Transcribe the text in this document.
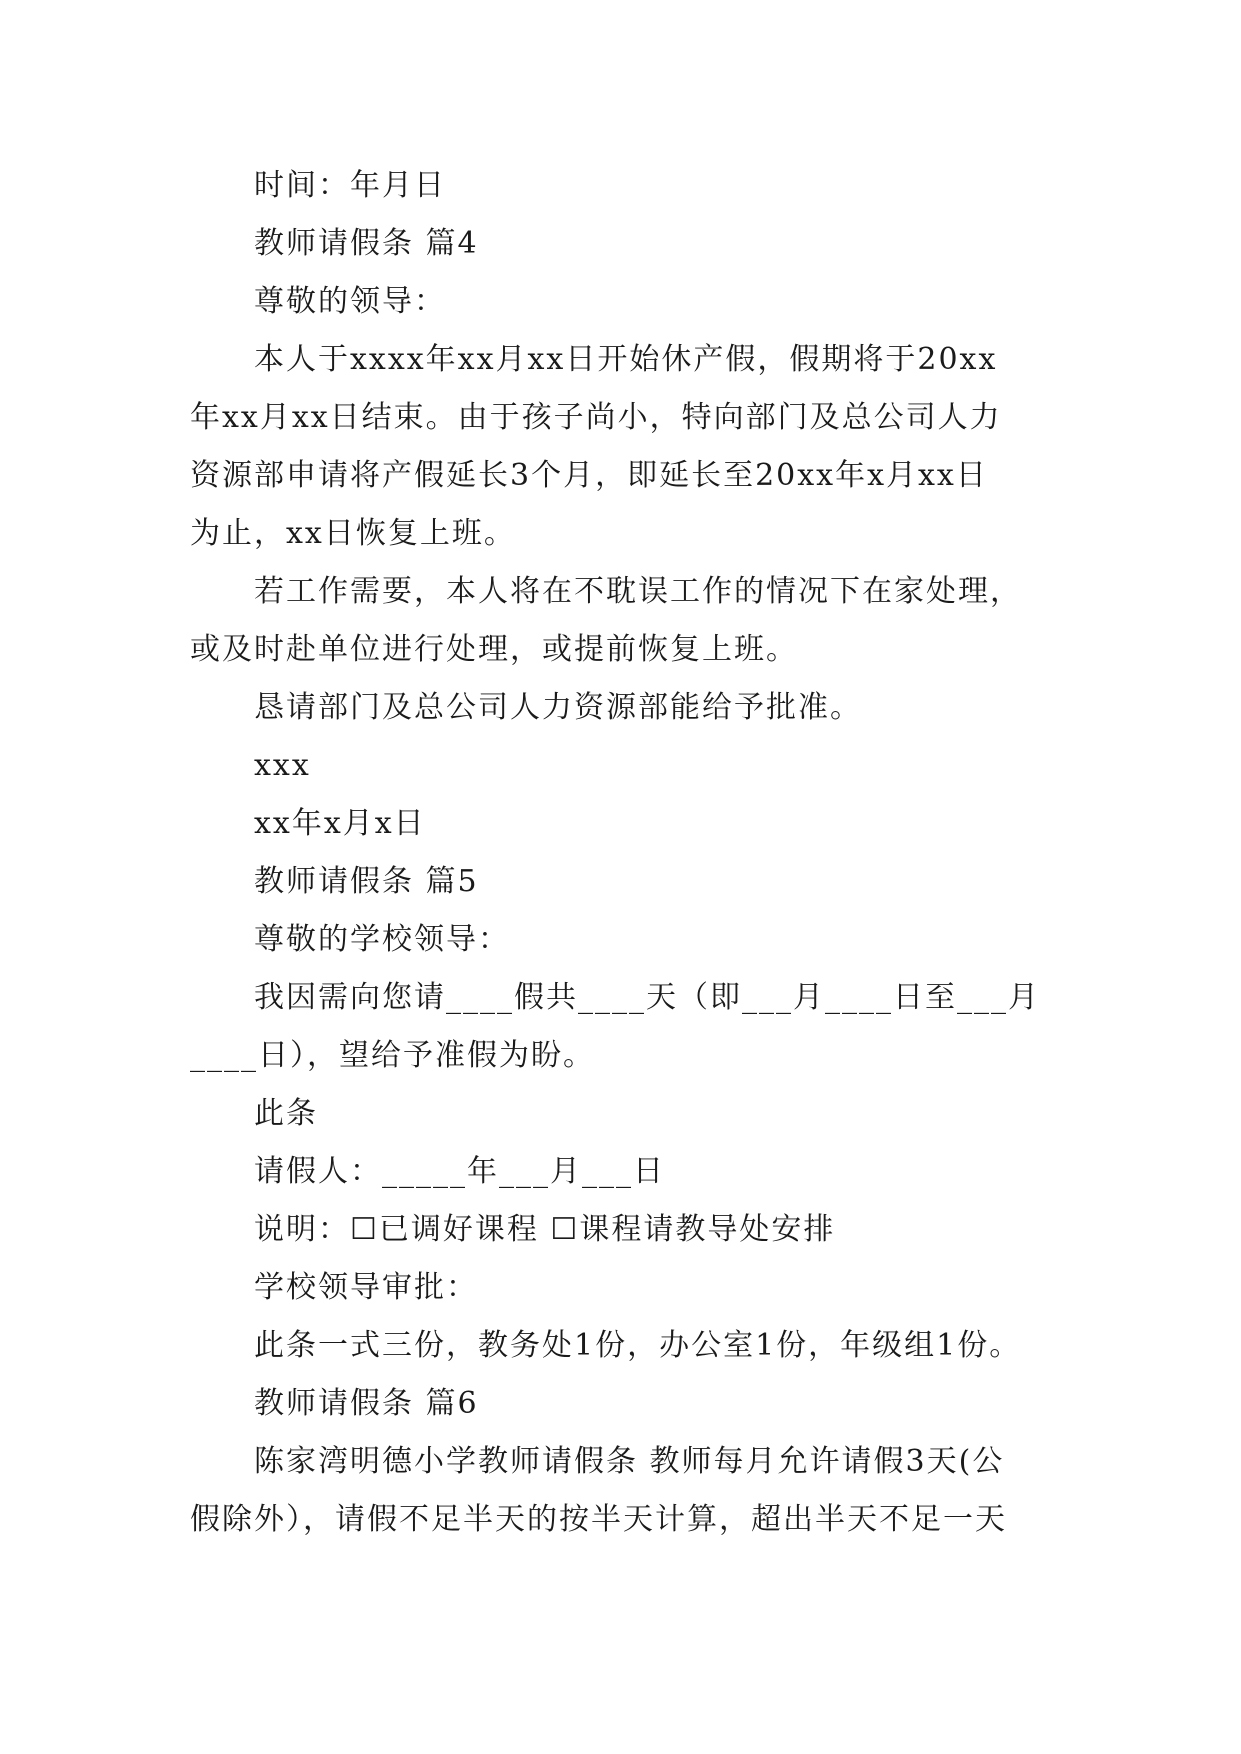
时间：年月日
教师请假条 篇4
尊敬的领导：
本人于xxxx年xx月xx日开始休产假，假期将于20xx
年xx月xx日结束。由于孩子尚小，特向部门及总公司人力
资源部申请将产假延长3个月，即延长至20xx年x月xx日
为止，xx日恢复上班。
若工作需要，本人将在不耽误工作的情况下在家处理，
或及时赴单位进行处理，或提前恢复上班。
恳请部门及总公司人力资源部能给予批准。
xxx
xx年x月x日
教师请假条 篇5
尊敬的学校领导：
我因需向您请____假共____天（即___月____日至___月
____日），望给予准假为盼。
此条
请假人：_____年___月___日
说明：☐已调好课程 ☐课程请教导处安排
学校领导审批：
此条一式三份，教务处1份，办公室1份，年级组1份。
教师请假条 篇6
陈家湾明德小学教师请假条 教师每月允许请假3天(公
假除外），请假不足半天的按半天计算，超出半天不足一天
